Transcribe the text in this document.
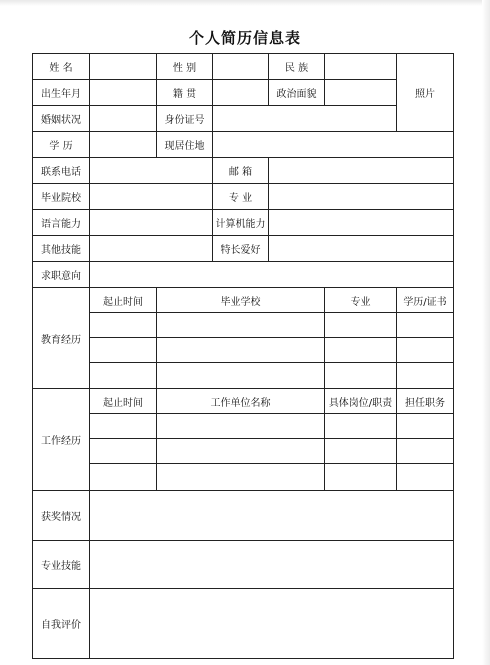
个人简历信息表
姓 名		性 别		民 族		照片
出生年月		籍 贯		政治面貌		
婚姻状况		身份证号				
学 历		现居住地				
联系电话			邮 箱			
毕业院校			专 业			
语言能力			计算机能力			
其他技能			特长爱好			
求职意向						
教育经历	起止时间	毕业学校			专业	学历/证书

工作经历	起止时间	工作单位名称			具体岗位/职责	担任职务

获奖情况						
专业技能						
自我评价						
